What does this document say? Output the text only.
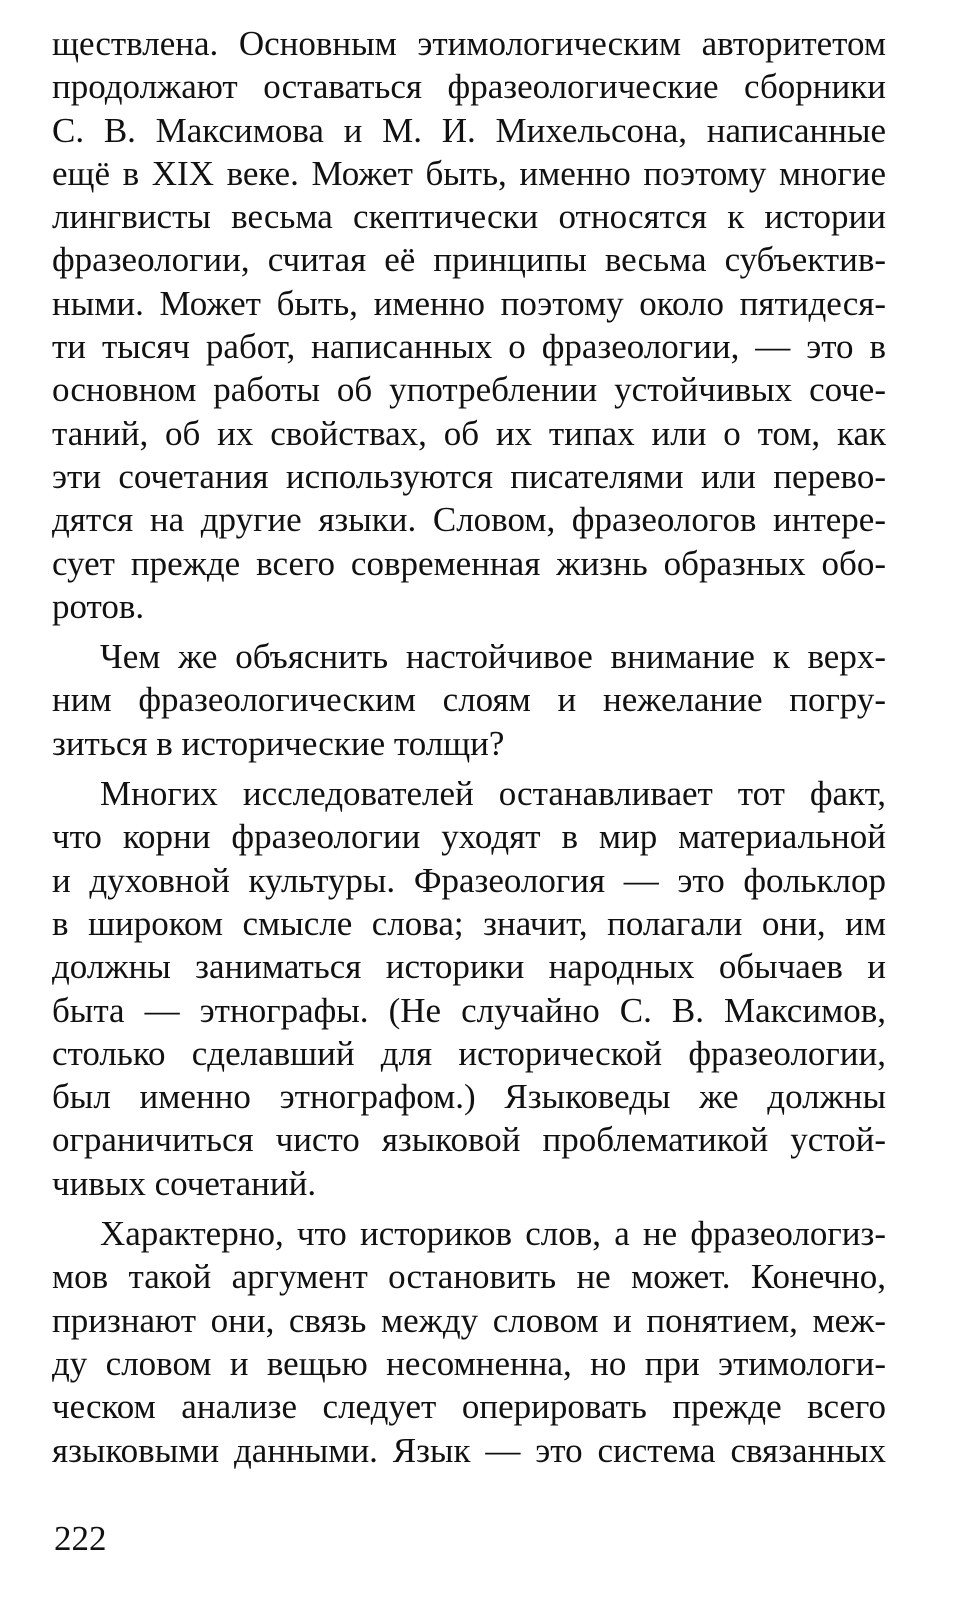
ществлена. Основным этимологическим авторитетом
продолжают оставаться фразеологические сборники
С. В. Максимова и М. И. Михельсона, написанные
ещё в XIX веке. Может быть, именно поэтому многие
лингвисты весьма скептически относятся к истории
фразеологии, считая её принципы весьма субъектив-
ными. Может быть, именно поэтому около пятидеся-
ти тысяч работ, написанных о фразеологии, — это в
основном работы об употреблении устойчивых соче-
таний, об их свойствах, об их типах или о том, как
эти сочетания используются писателями или перево-
дятся на другие языки. Словом, фразеологов интере-
сует прежде всего современная жизнь образных обо-
ротов.
Чем же объяснить настойчивое внимание к верх-
ним фразеологическим слоям и нежелание погру-
зиться в исторические толщи?
Многих исследователей останавливает тот факт,
что корни фразеологии уходят в мир материальной
и духовной культуры. Фразеология — это фольклор
в широком смысле слова; значит, полагали они, им
должны заниматься историки народных обычаев и
быта — этнографы. (Не случайно С. В. Максимов,
столько сделавший для исторической фразеологии,
был именно этнографом.) Языковеды же должны
ограничиться чисто языковой проблематикой устой-
чивых сочетаний.
Характерно, что историков слов, а не фразеологиз-
мов такой аргумент остановить не может. Конечно,
признают они, связь между словом и понятием, меж-
ду словом и вещью несомненна, но при этимологи-
ческом анализе следует оперировать прежде всего
языковыми данными. Язык — это система связанных
222
